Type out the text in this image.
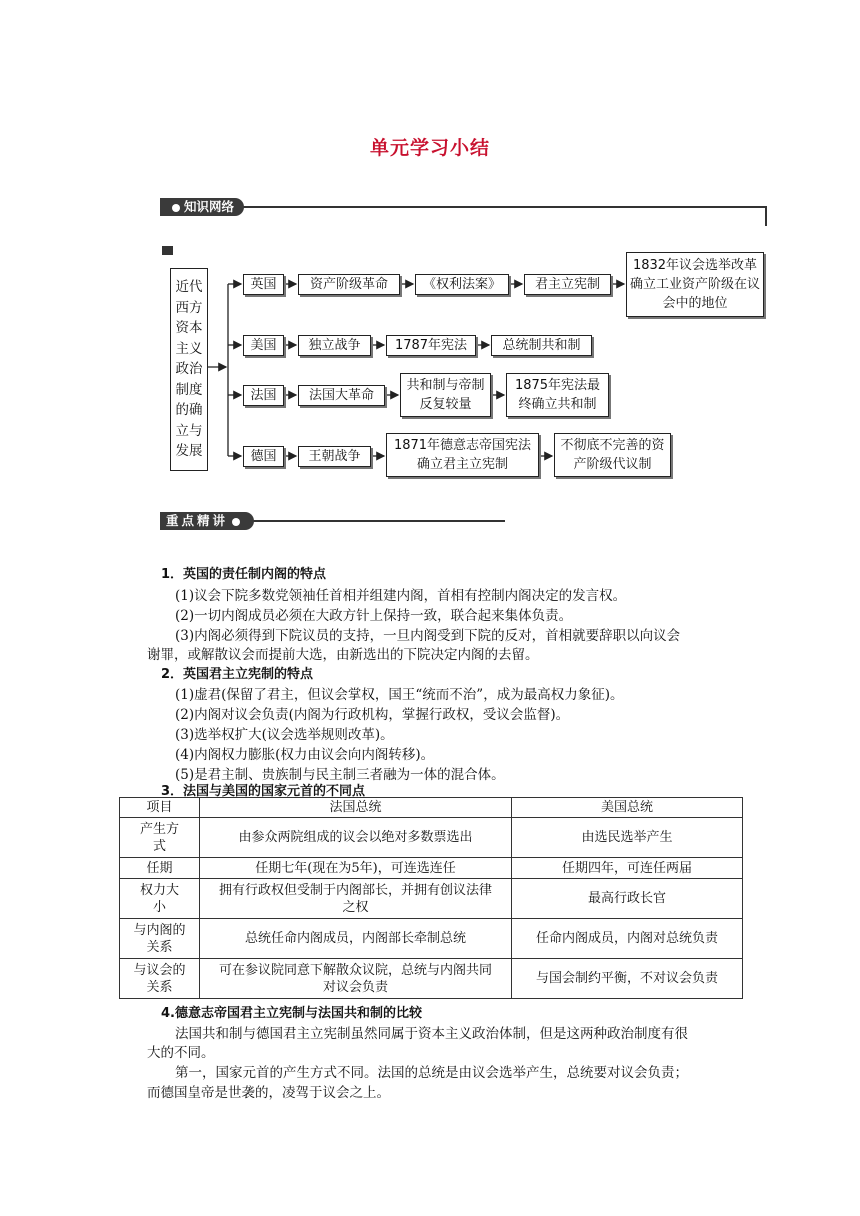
单元学习小结
知识网络
近代西方资本主义政治制度的确立与发展
英国	资产阶级革命	《权利法案》	君主立宪制
1832年议会选举改革确立工业资产阶级在议会中的地位
美国	独立战争	1787年宪法	总统制共和制
法国	法国大革命
共和制与帝制反复较量
1875年宪法最终确立共和制
德国	王朝战争
1871年德意志帝国宪法确立君主立宪制
不彻底不完善的资产阶级代议制
重点精讲
1．英国的责任制内阁的特点
(1)议会下院多数党领袖任首相并组建内阁，首相有控制内阁决定的发言权。
(2)一切内阁成员必须在大政方针上保持一致，联合起来集体负责。
(3)内阁必须得到下院议员的支持，一旦内阁受到下院的反对，首相就要辞职以向议会
谢罪，或解散议会而提前大选，由新选出的下院决定内阁的去留。
2．英国君主立宪制的特点
(1)虚君(保留了君主，但议会掌权，国王“统而不治”，成为最高权力象征)。
(2)内阁对议会负责(内阁为行政机构，掌握行政权，受议会监督)。
(3)选举权扩大(议会选举规则改革)。
(4)内阁权力膨胀(权力由议会向内阁转移)。
(5)是君主制、贵族制与民主制三者融为一体的混合体。
3．法国与美国的国家元首的不同点
项目	法国总统	美国总统
产生方式	由参众两院组成的议会以绝对多数票选出	由选民选举产生
任期	任期七年(现在为5年)，可连选连任	任期四年，可连任两届
权力大小	拥有行政权但受制于内阁部长，并拥有创议法律之权	最高行政长官
与内阁的关系	总统任命内阁成员，内阁部长牵制总统	任命内阁成员，内阁对总统负责
与议会的关系	可在参议院同意下解散众议院，总统与内阁共同对议会负责	与国会制约平衡，不对议会负责
4.德意志帝国君主立宪制与法国共和制的比较
法国共和制与德国君主立宪制虽然同属于资本主义政治体制，但是这两种政治制度有很
大的不同。
第一，国家元首的产生方式不同。法国的总统是由议会选举产生，总统要对议会负责；
而德国皇帝是世袭的，凌驾于议会之上。
